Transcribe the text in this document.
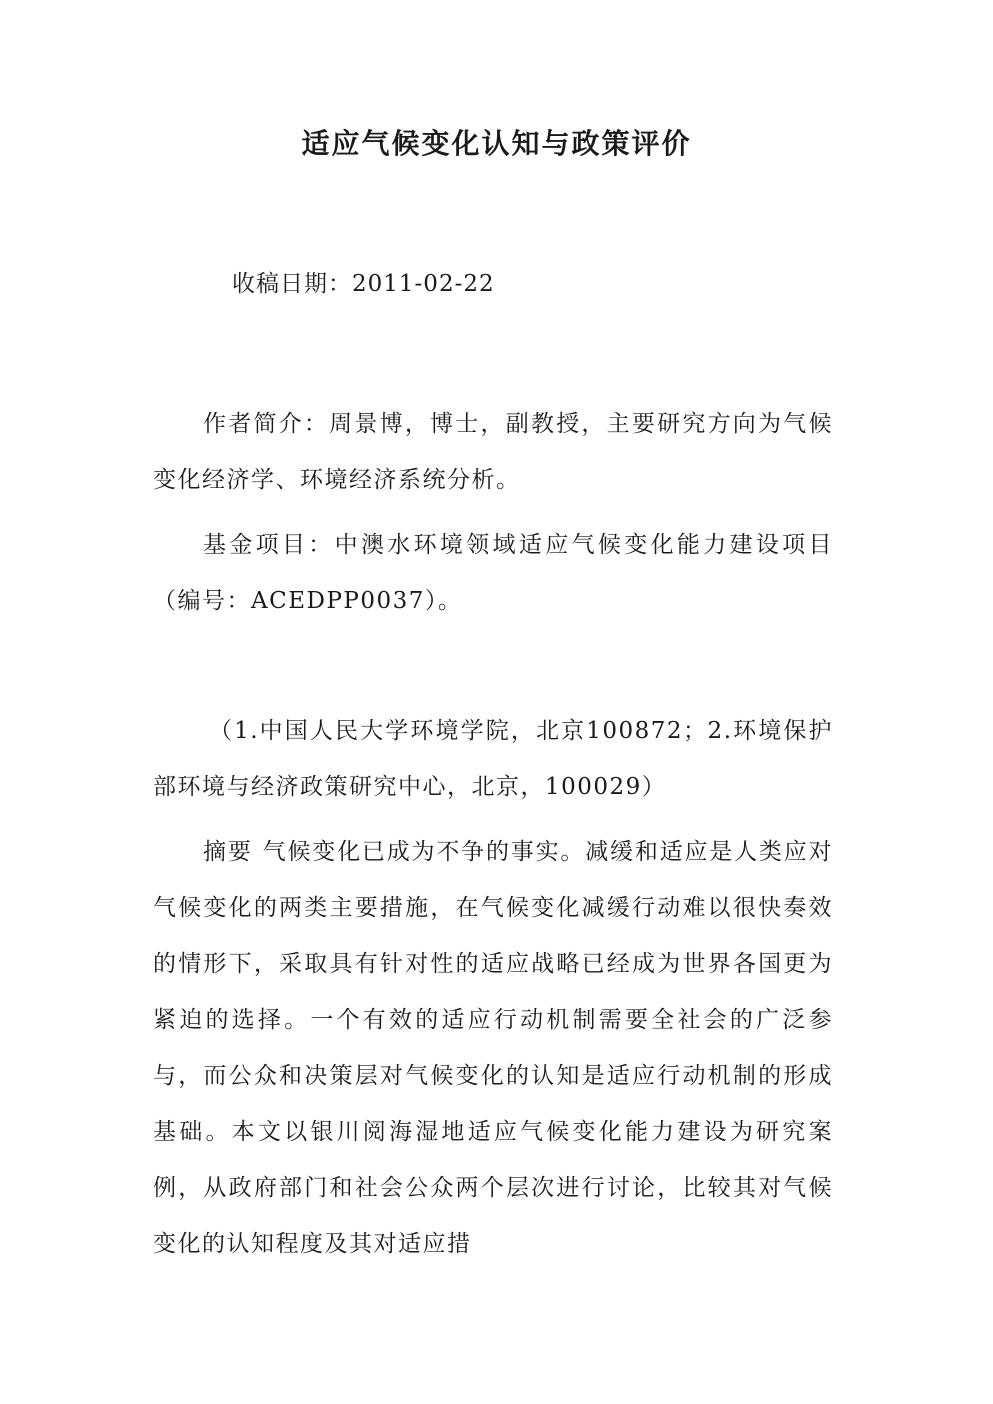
适应气候变化认知与政策评价
收稿日期：2011-02-22

作者简介：周景博，博士，副教授，主要研究方向为气候变化经济学、环境经济系统分析。

基金项目：中澳水环境领域适应气候变化能力建设项目（编号：ACEDPP0037）。

（1.中国人民大学环境学院，北京100872；2.环境保护部环境与经济政策研究中心，北京，100029）

摘要 气候变化已成为不争的事实。减缓和适应是人类应对气候变化的两类主要措施，在气候变化减缓行动难以很快奏效的情形下，采取具有针对性的适应战略已经成为世界各国更为紧迫的选择。一个有效的适应行动机制需要全社会的广泛参与，而公众和决策层对气候变化的认知是适应行动机制的形成基础。本文以银川阅海湿地适应气候变化能力建设为研究案例，从政府部门和社会公众两个层次进行讨论，比较其对气候变化的认知程度及其对适应措
